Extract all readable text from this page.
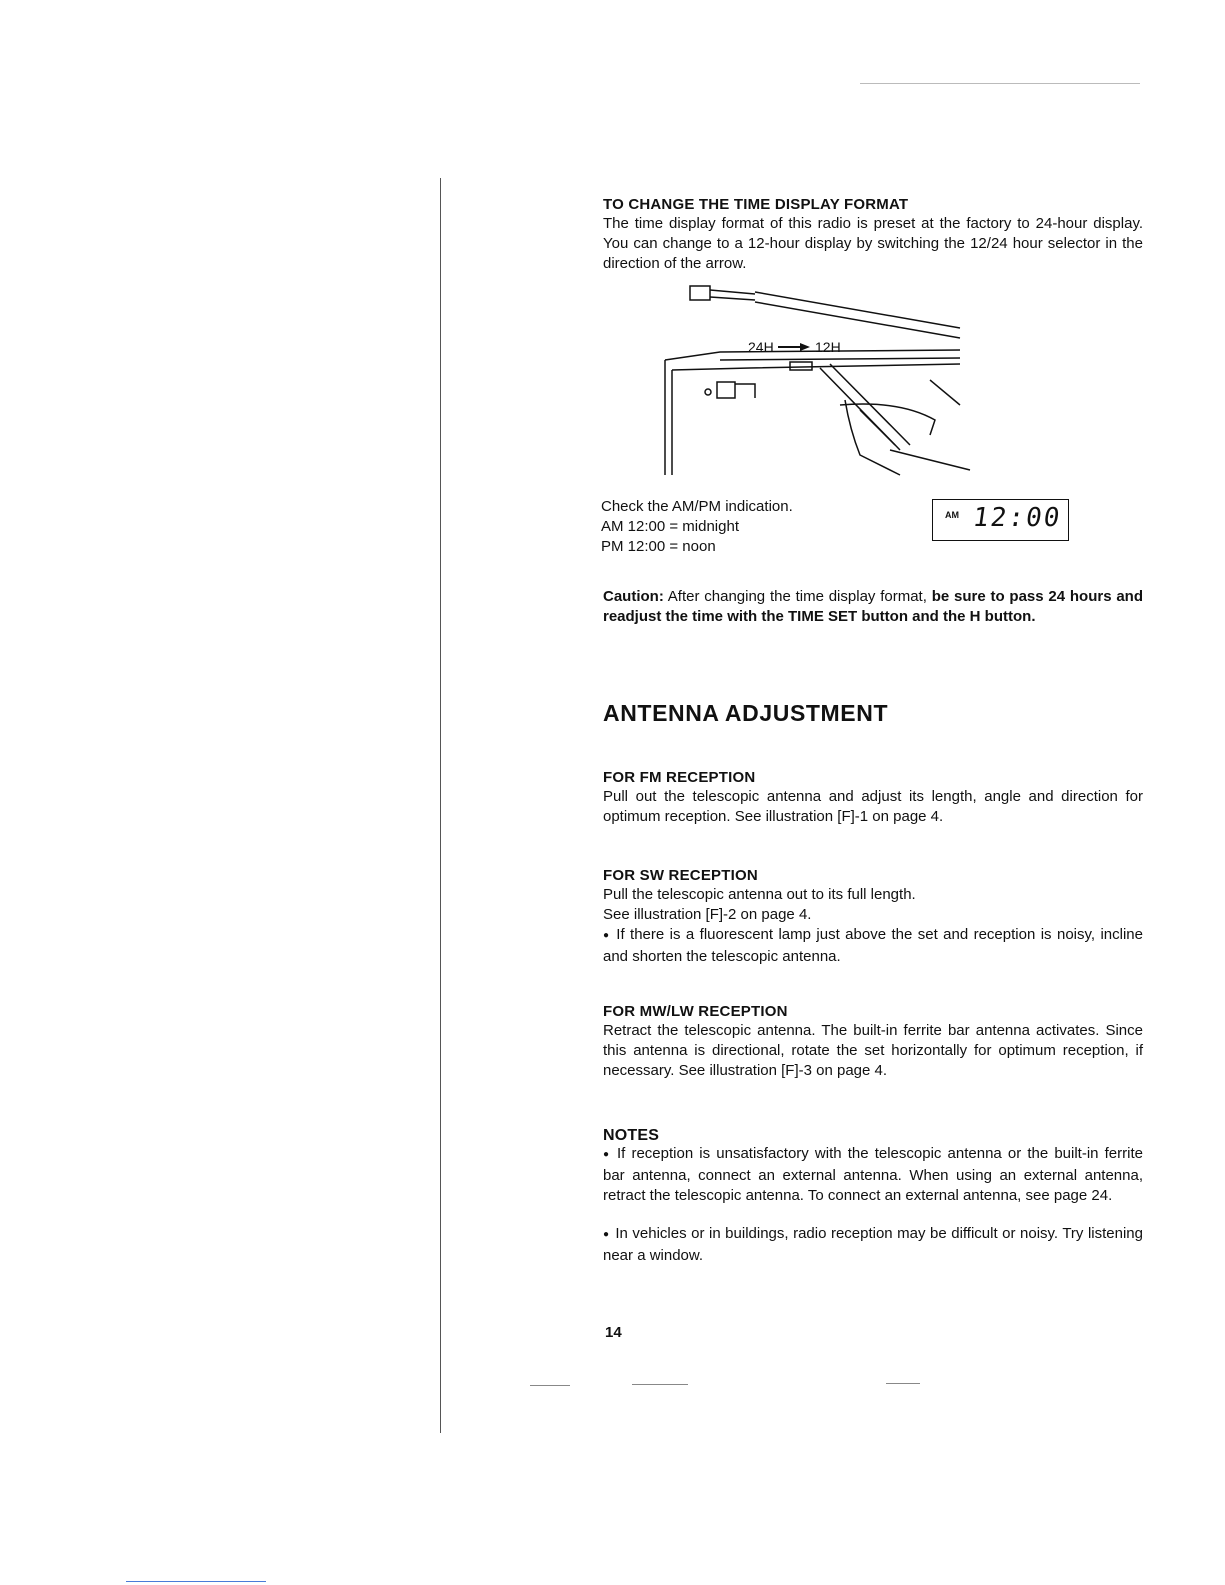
TO CHANGE THE TIME DISPLAY FORMAT

The time display format of this radio is preset at the factory to 24-hour display. You can change to a 12-hour display by switching the 12/24 hour selector in the direction of the arrow.

24H	12H
Check the AM/PM indication.
AM 12:00 = midnight
PM 12:00 = noon
AM 12:00

Caution: After changing the time display format, be sure to pass 24 hours and readjust the time with the TIME SET button and the H button.

ANTENNA ADJUSTMENT
FOR FM RECEPTION

Pull out the telescopic antenna and adjust its length, angle and direction for optimum reception. See illustration [F]-1 on page 4.

FOR SW RECEPTION
Pull the telescopic antenna out to its full length.
See illustration [F]-2 on page 4.

● If there is a fluorescent lamp just above the set and reception is noisy, incline and shorten the telescopic antenna.

FOR MW/LW RECEPTION

Retract the telescopic antenna. The built-in ferrite bar antenna activates. Since this antenna is directional, rotate the set horizontally for optimum reception, if necessary. See illustration [F]-3 on page 4.

NOTES

● If reception is unsatisfactory with the telescopic antenna or the built-in ferrite bar antenna, connect an external antenna. When using an external antenna, retract the telescopic antenna. To connect an external antenna, see page 24.

● In vehicles or in buildings, radio reception may be difficult or noisy. Try listening near a window.

14
